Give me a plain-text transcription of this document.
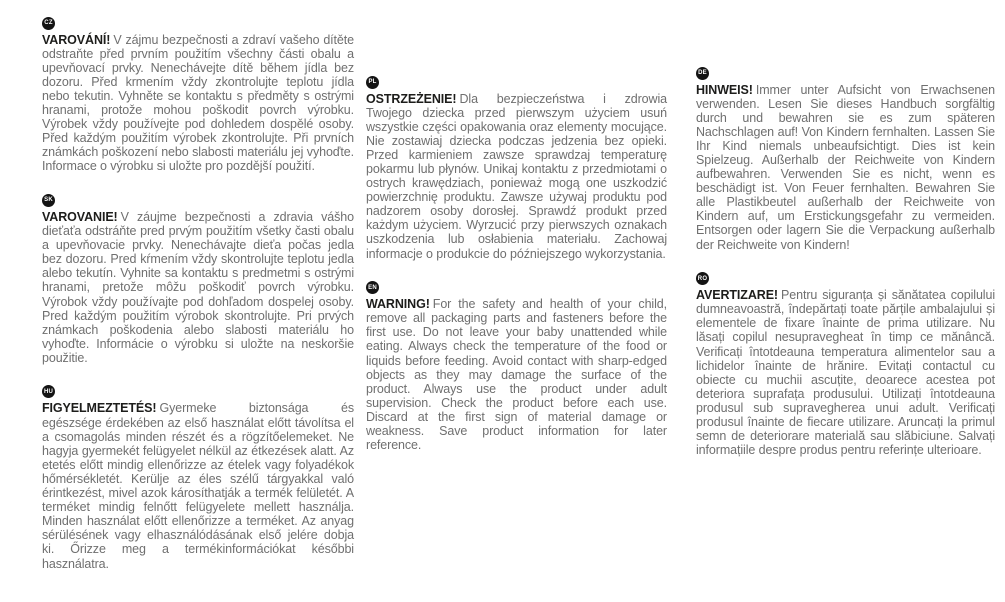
CZ

VAROVÁNÍ! V zájmu bezpečnosti a zdraví vašeho dítěte odstraňte před prvním použitím všechny části obalu a upevňovací prvky. Nenechávejte dítě během jídla bez dozoru. Před krmením vždy zkontrolujte teplotu jídla nebo tekutin. Vyhněte se kontaktu s předměty s ostrými hranami, protože mohou poškodit povrch výrobku. Výrobek vždy používejte pod dohledem dospělé osoby. Před každým použitím výrobek zkontrolujte. Při prvních známkách poškození nebo slabosti materiálu jej vyhoďte. Informace o výrobku si uložte pro pozdější použití.

SK

VAROVANIE! V záujme bezpečnosti a zdravia vášho dieťaťa odstráňte pred prvým použitím všetky časti obalu a upevňovacie prvky. Nenechávajte dieťa počas jedla bez dozoru. Pred kŕmením vždy skontrolujte teplotu jedla alebo tekutín. Vyhnite sa kontaktu s predmetmi s ostrými hranami, pretože môžu poškodiť povrch výrobku. Výrobok vždy používajte pod dohľadom dospelej osoby. Pred každým použitím výrobok skontrolujte. Pri prvých známkach poškodenia alebo slabosti materiálu ho vyhoďte. Informácie o výrobku si uložte na neskoršie použitie.

HU

FIGYELMEZTETÉS! Gyermeke biztonsága és egészsége érdekében az első használat előtt távolítsa el a csomagolás minden részét és a rögzítőelemeket. Ne hagyja gyermekét felügyelet nélkül az étkezések alatt. Az etetés előtt mindig ellenőrizze az ételek vagy folyadékok hőmérsékletét. Kerülje az éles szélű tárgyakkal való érintkezést, mivel azok károsíthatják a termék felületét. A terméket mindig felnőtt felügyelete mellett használja. Minden használat előtt ellenőrizze a terméket. Az anyag sérülésének vagy elhasználódásának első jelére dobja ki. Őrizze meg a termékinformációkat későbbi használatra.

PL

OSTRZEŻENIE! Dla bezpieczeństwa i zdrowia Twojego dziecka przed pierwszym użyciem usuń wszystkie części opakowania oraz elementy mocujące. Nie zostawiaj dziecka podczas jedzenia bez opieki. Przed karmieniem zawsze sprawdzaj temperaturę pokarmu lub płynów. Unikaj kontaktu z przedmiotami o ostrych krawędziach, ponieważ mogą one uszkodzić powierzchnię produktu. Zawsze używaj produktu pod nadzorem osoby dorosłej. Sprawdź produkt przed każdym użyciem. Wyrzucić przy pierwszych oznakach uszkodzenia lub osłabienia materiału. Zachowaj informacje o produkcie do późniejszego wykorzystania.

EN

WARNING! For the safety and health of your child, remove all packaging parts and fasteners before the first use. Do not leave your baby unattended while eating. Always check the temperature of the food or liquids before feeding. Avoid contact with sharp-edged objects as they may damage the surface of the product. Always use the product under adult supervision. Check the product before each use. Discard at the first sign of material damage or weakness. Save product information for later reference.

DE

HINWEIS! Immer unter Aufsicht von Erwachsenen verwenden. Lesen Sie dieses Handbuch sorgfältig durch und bewahren sie es zum späteren Nachschlagen auf! Von Kindern fernhalten. Lassen Sie Ihr Kind niemals unbeaufsichtigt. Dies ist kein Spielzeug. Außerhalb der Reichweite von Kindern aufbewahren. Verwenden Sie es nicht, wenn es beschädigt ist. Von Feuer fernhalten. Bewahren Sie alle Plastikbeutel außerhalb der Reichweite von Kindern auf, um Erstickungsgefahr zu vermeiden. Entsorgen oder lagern Sie die Verpackung außerhalb der Reichweite von Kindern!

RO

AVERTIZARE! Pentru siguranța și sănătatea copilului dumneavoastră, îndepărtați toate părțile ambalajului și elementele de fixare înainte de prima utilizare. Nu lăsați copilul nesupravegheat în timp ce mănâncă. Verificați întotdeauna temperatura alimentelor sau a lichidelor înainte de hrănire. Evitați contactul cu obiecte cu muchii ascuțite, deoarece acestea pot deteriora suprafața produsului. Utilizați întotdeauna produsul sub supravegherea unui adult. Verificați produsul înainte de fiecare utilizare. Aruncați la primul semn de deteriorare materială sau slăbiciune. Salvați informațiile despre produs pentru referințe ulterioare.
